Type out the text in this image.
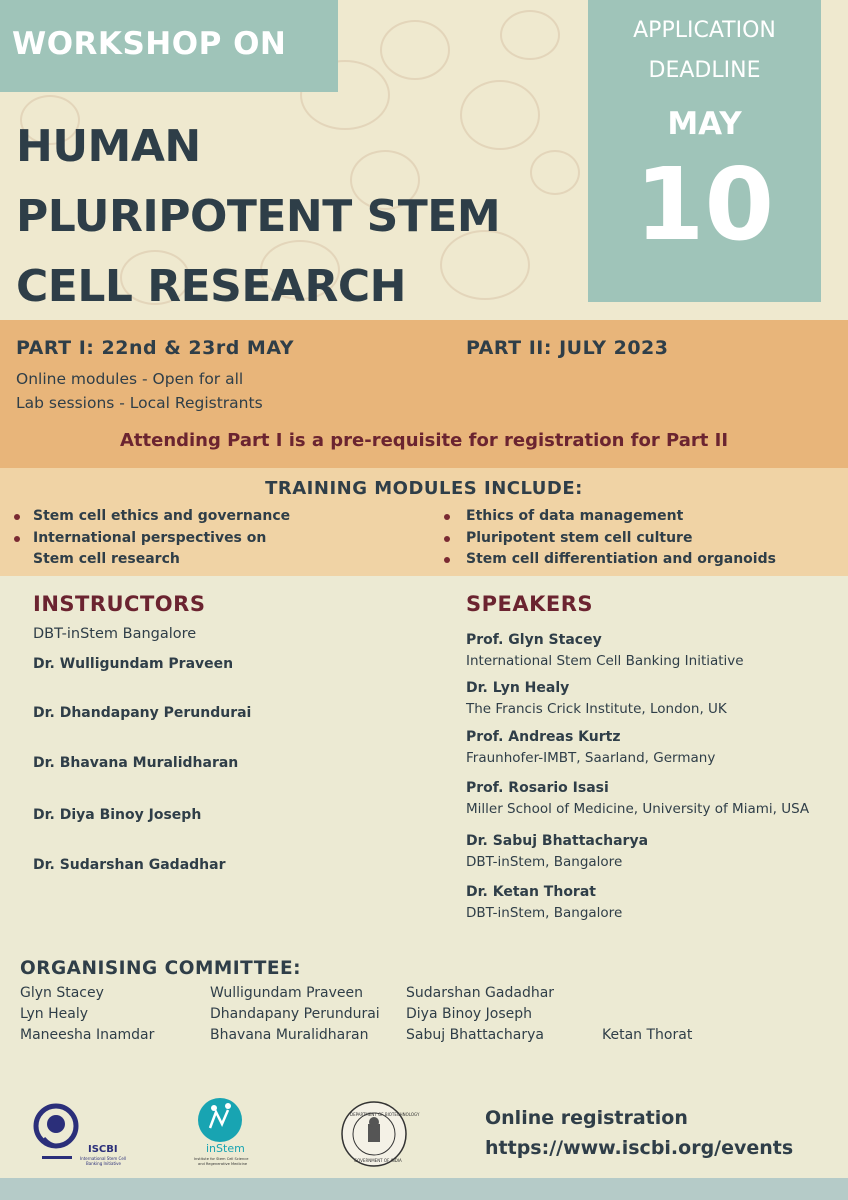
WORKSHOP ON
HUMAN
PLURIPOTENT STEM
CELL RESEARCH
APPLICATION
DEADLINE
MAY
10
PART I: 22nd & 23rd MAY	PART II: JULY 2023
Online modules - Open for all
Lab sessions - Local Registrants
Attending Part I is a pre-requisite for registration for Part II
TRAINING MODULES INCLUDE:
Stem cell ethics and governance
International perspectives on
Stem cell research
Ethics of data management
Pluripotent stem cell culture
Stem cell differentiation and organoids
INSTRUCTORS
DBT-inStem Bangalore
Dr. Wulligundam Praveen
Dr. Dhandapany Perundurai
Dr. Bhavana Muralidharan
Dr. Diya Binoy Joseph
Dr. Sudarshan Gadadhar
SPEAKERS
Prof. Glyn Stacey
International Stem Cell Banking Initiative
Dr. Lyn Healy
The Francis Crick Institute, London, UK
Prof. Andreas Kurtz
Fraunhofer-IMBT, Saarland, Germany
Prof. Rosario Isasi
Miller School of Medicine, University of Miami, USA
Dr. Sabuj Bhattacharya
DBT-inStem, Bangalore
Dr. Ketan Thorat
DBT-inStem, Bangalore
ORGANISING COMMITTEE:
Glyn Stacey
Lyn Healy
Maneesha Inamdar
Wulligundam Praveen
Dhandapany Perundurai
Bhavana Muralidharan
Sudarshan Gadadhar
Diya Binoy Joseph
Sabuj Bhattacharya	Ketan Thorat
ISCBI
International Stem Cell
Banking Initiative
inStem
Institute for Stem Cell Science
and Regenerative Medicine
DEPARTMENT OF BIOTECHNOLOGY
GOVERNMENT OF INDIA
Online registration
https://www.iscbi.org/events
